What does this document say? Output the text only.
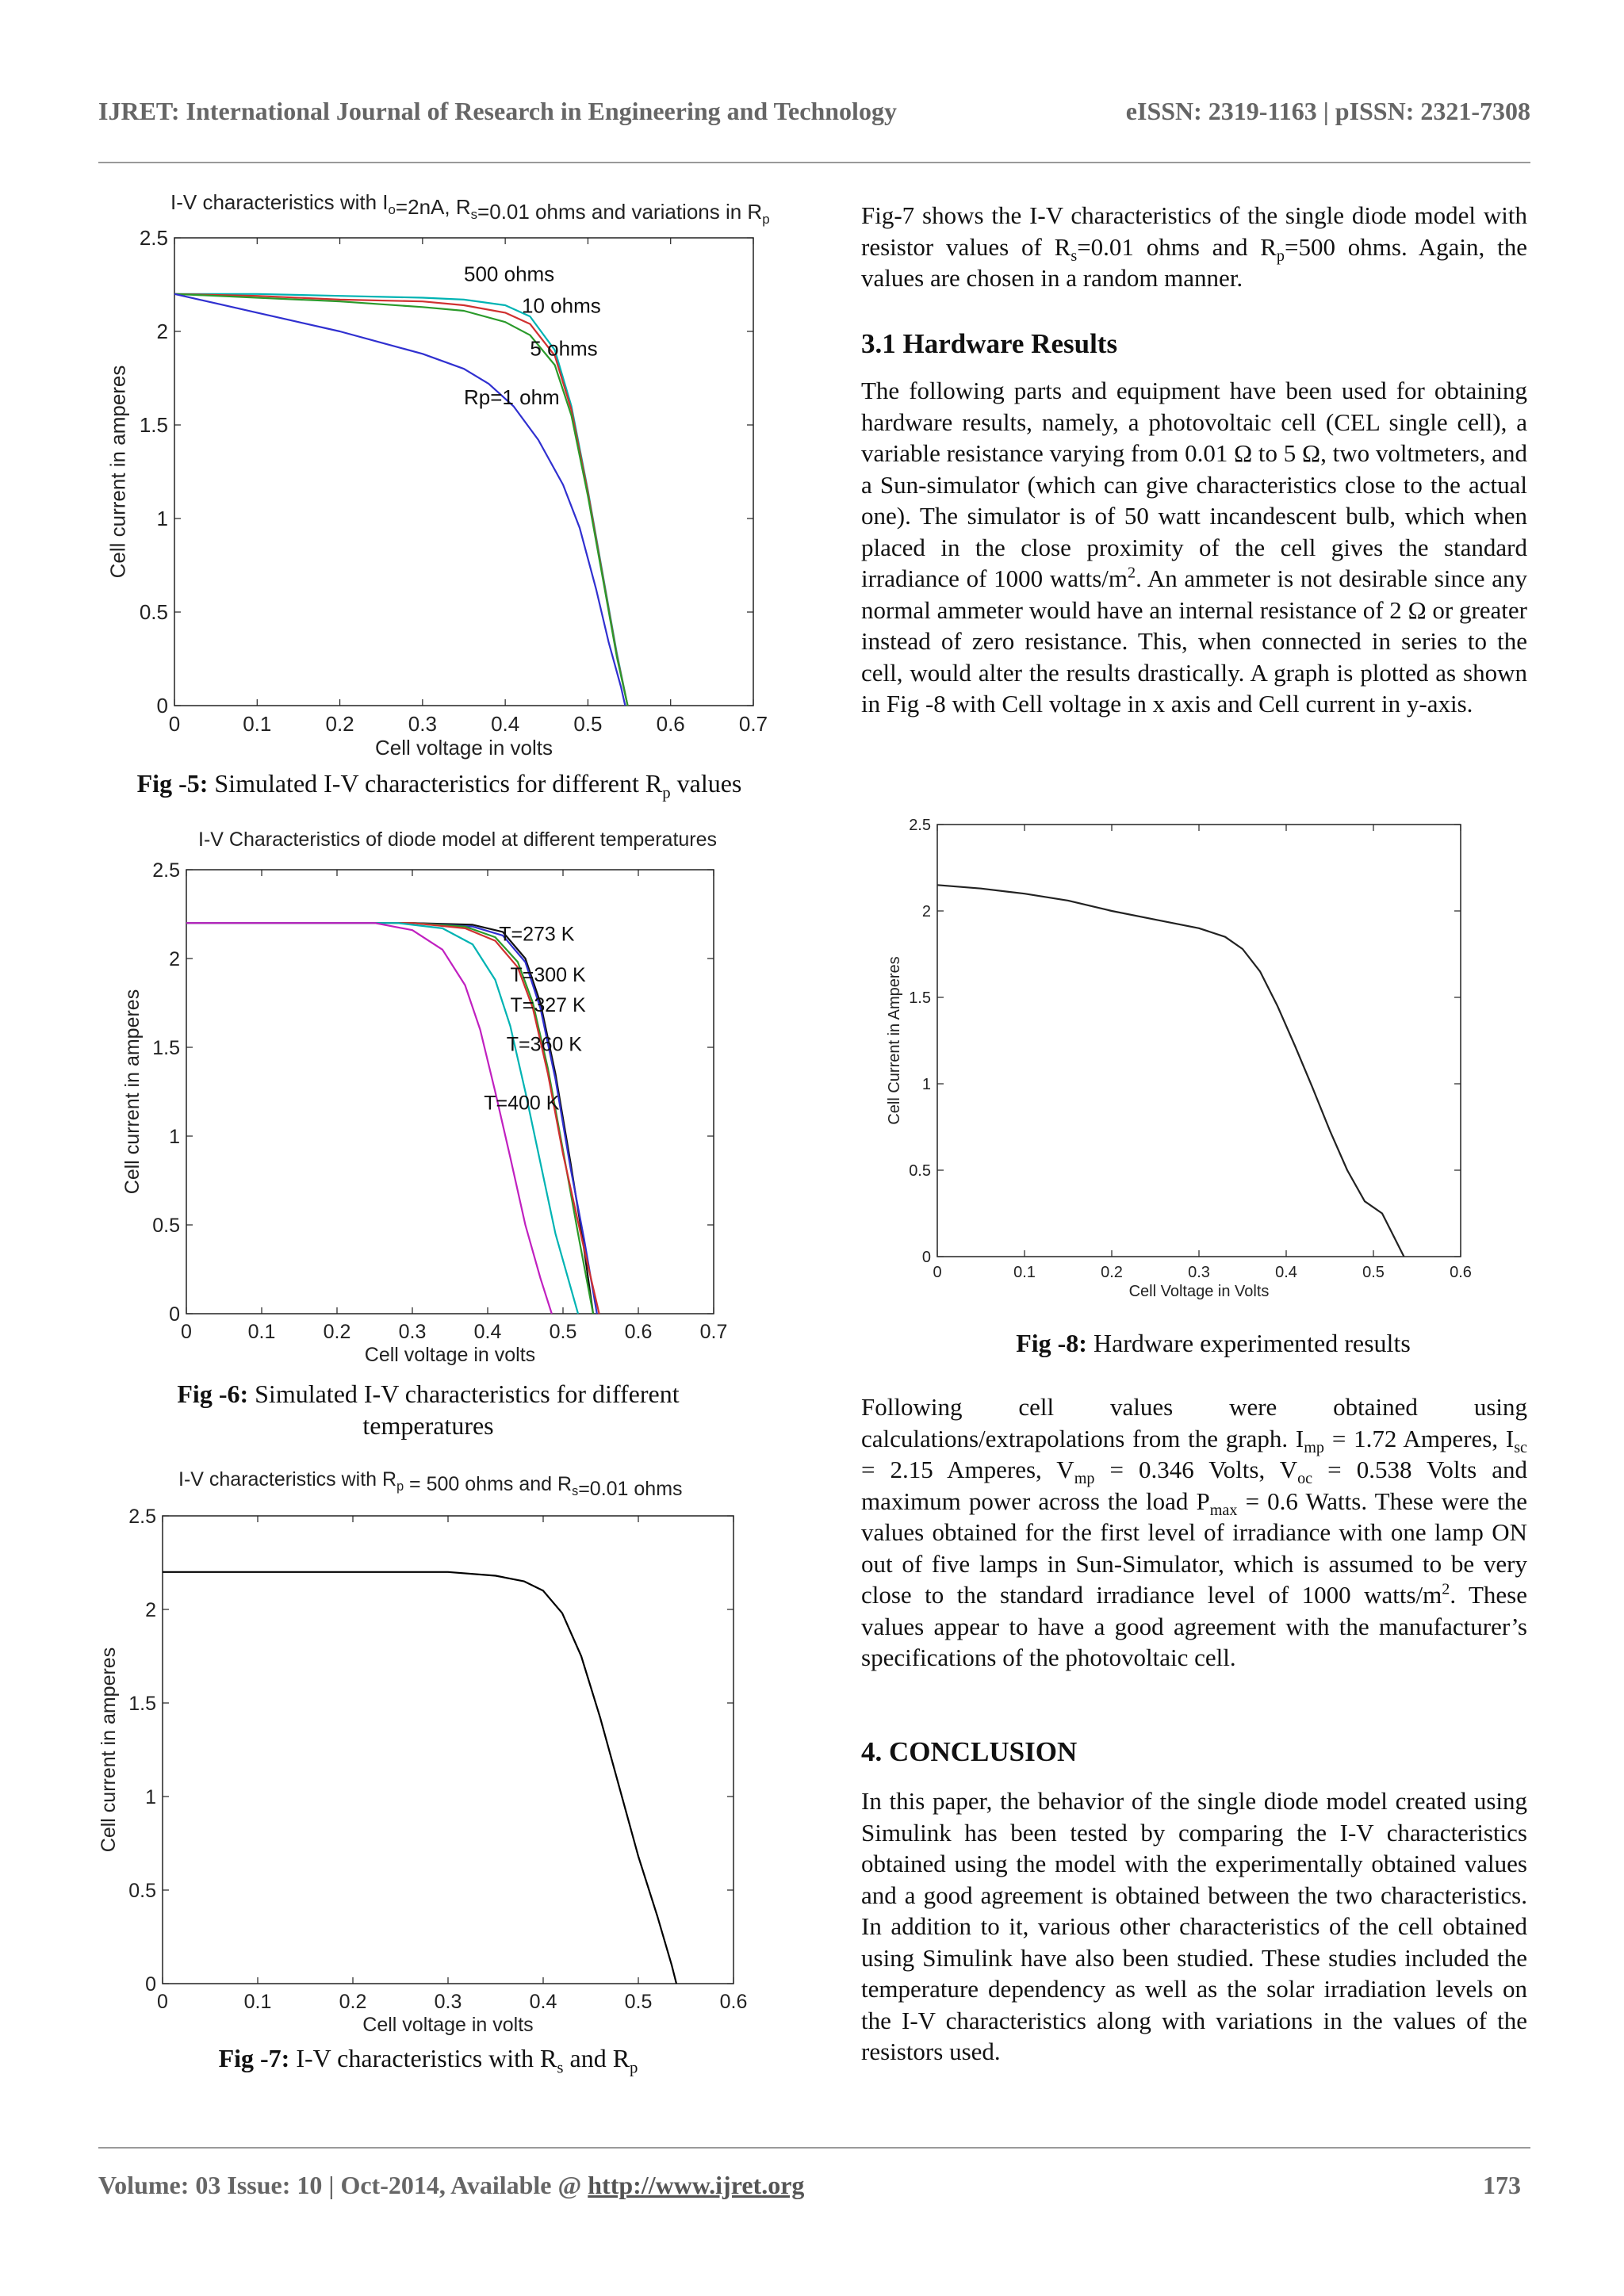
IJRET: International Journal of Research in Engineering and Technology	eISSN: 2319-1163 | pISSN: 2321-7308
0	0.1	0.2	0.3	0.4	0.5	0.6	0.7
0
0.5
1
1.5
2
2.5
Cell voltage in volts
Cell current in amperes
I-V characteristics with $I_o=2nA$, $R_s=0.01$ ohms and variations in $R_p$
500 ohms
10 ohms
5 ohms
Rp=1 ohm
Fig -5: Simulated I-V characteristics for different $R_p$ values
0	0.1 0.2 0.3 0.4 0.5 0.6 0.7
0
0.5
1
1.5
2
2.5
Cell voltage in volts
Cell current in amperes
I-V Characteristics of diode model at different temperatures
T=273 K
T=300 K
T=327 K
T=360 K
T=400 K
Fig -6: Simulated I-V characteristics for different temperatures
0	0.1	0.2	0.3	0.4	0.5	0.6
0
0.5
1
1.5
2
2.5
Cell voltage in volts
Cell current in amperes
I-V characteristics with $R_p = 500$ ohms and $R_s=0.01$ ohms
Fig -7: I-V characteristics with $R_s$ and $R_p$

Fig-7 shows the I-V characteristics of the single diode model with resistor values of $R_s=0.01$ ohms and $R_p=500$ ohms. Again, the values are chosen in a random manner.

3.1 Hardware Results

The following parts and equipment have been used for obtaining hardware results, namely, a photovoltaic cell (CEL single cell), a variable resistance varying from 0.01 Ω to 5 Ω, two voltmeters, and a Sun-simulator (which can give characteristics close to the actual one). The simulator is of 50 watt incandescent bulb, which when placed in the close proximity of the cell gives the standard irradiance of 1000 watts/$m^2$. An ammeter is not desirable since any normal ammeter would have an internal resistance of 2 Ω or greater instead of zero resistance. This, when connected in series to the cell, would alter the results drastically. A graph is plotted as shown in Fig -8 with Cell voltage in x axis and Cell current in y-axis.

0	0.1	0.2	0.3	0.4	0.5	0.6
0
0.5
1
1.5
2
2.5
Cell Voltage in Volts
Cell Current in Amperes
Fig -8: Hardware experimented results

Following cell values were obtained using calculations/extrapolations from the graph. $I_{mp} = 1.72$ Amperes, $I_{sc} = 2.15$ Amperes, $V_{mp} = 0.346$ Volts, $V_{oc} = 0.538$ Volts and maximum power across the load $P_{max} = 0.6$ Watts. These were the values obtained for the first level of irradiance with one lamp ON out of five lamps in Sun-Simulator, which is assumed to be very close to the standard irradiance level of 1000 watts/$m^2$. These values appear to have a good agreement with the manufacturer’s specifications of the photovoltaic cell.

4. CONCLUSION

In this paper, the behavior of the single diode model created using Simulink has been tested by comparing the I-V characteristics obtained using the model with the experimentally obtained values and a good agreement is obtained between the two characteristics. In addition to it, various other characteristics of the cell obtained using Simulink have also been studied. These studies included the temperature dependency as well as the solar irradiation levels on the I-V characteristics along with variations in the values of the resistors used.

Volume: 03 Issue: 10 | Oct-2014, Available @ http://www.ijret.org	173
